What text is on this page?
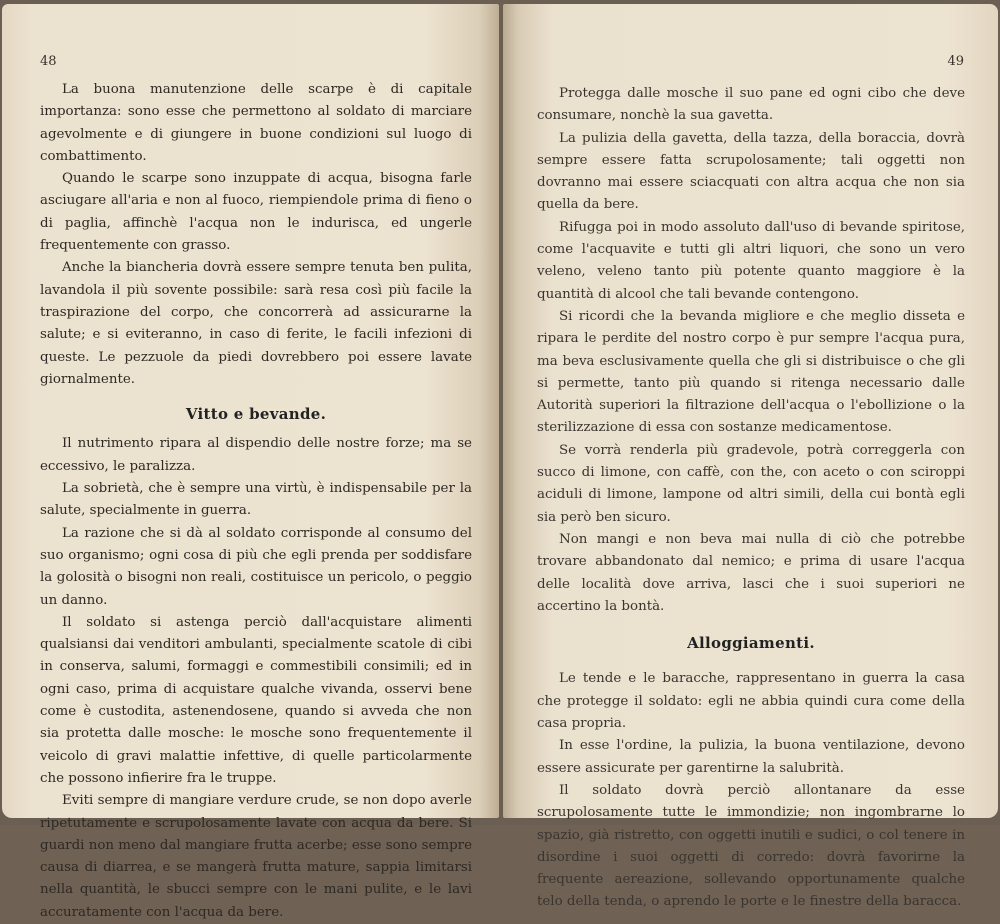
48

La buona manutenzione delle scarpe è di capitale importanza: sono esse che permettono al soldato di marciare agevolmente e di giungere in buone condizioni sul luogo di combattimento.

Quando le scarpe sono inzuppate di acqua, bisogna farle asciugare all'aria e non al fuoco, riempiendole prima di fieno o di paglia, affinchè l'acqua non le indurisca, ed ungerle frequentemente con grasso.

Anche la biancheria dovrà essere sempre tenuta ben pulita, lavandola il più sovente possibile: sarà resa così più facile la traspirazione del corpo, che concorrerà ad assicurarne la salute; e si eviteranno, in caso di ferite, le facili infezioni di queste. Le pezzuole da piedi dovrebbero poi essere lavate giornalmente.

Vitto e bevande.

Il nutrimento ripara al dispendio delle nostre forze; ma se eccessivo, le paralizza.

La sobrietà, che è sempre una virtù, è indispensabile per la salute, specialmente in guerra.

La razione che si dà al soldato corrisponde al consumo del suo organismo; ogni cosa di più che egli prenda per soddisfare la golosità o bisogni non reali, costituisce un pericolo, o peggio un danno.

Il soldato si astenga perciò dall'acquistare alimenti qualsiansi dai venditori ambulanti, specialmente scatole di cibi in conserva, salumi, formaggi e commestibili consimili; ed in ogni caso, prima di acquistare qualche vivanda, osservi bene come è custodita, astenendosene, quando si avveda che non sia protetta dalle mosche: le mosche sono frequentemente il veicolo di gravi malattie infettive, di quelle particolarmente che possono infierire fra le truppe.

Eviti sempre di mangiare verdure crude, se non dopo averle ripetutamente e scrupolosamente lavate con acqua da bere. Si guardi non meno dal mangiare frutta acerbe; esse sono sempre causa di diarrea, e se mangerà frutta mature, sappia limitarsi nella quantità, le sbucci sempre con le mani pulite, e le lavi accuratamente con l'acqua da bere.

49

Protegga dalle mosche il suo pane ed ogni cibo che deve consumare, nonchè la sua gavetta.

La pulizia della gavetta, della tazza, della boraccia, dovrà sempre essere fatta scrupolosamente; tali oggetti non dovranno mai essere sciacquati con altra acqua che non sia quella da bere.

Rifugga poi in modo assoluto dall'uso di bevande spiritose, come l'acquavite e tutti gli altri liquori, che sono un vero veleno, veleno tanto più potente quanto maggiore è la quantità di alcool che tali bevande contengono.

Si ricordi che la bevanda migliore e che meglio disseta e ripara le perdite del nostro corpo è pur sempre l'acqua pura, ma beva esclusivamente quella che gli si distribuisce o che gli si permette, tanto più quando si ritenga necessario dalle Autorità superiori la filtrazione dell'acqua o l'ebollizione o la sterilizzazione di essa con sostanze medicamentose.

Se vorrà renderla più gradevole, potrà correggerla con succo di limone, con caffè, con the, con aceto o con sciroppi aciduli di limone, lampone od altri simili, della cui bontà egli sia però ben sicuro.

Non mangi e non beva mai nulla di ciò che potrebbe trovare abbandonato dal nemico; e prima di usare l'acqua delle località dove arriva, lasci che i suoi superiori ne accertino la bontà.

Alloggiamenti.

Le tende e le baracche, rappresentano in guerra la casa che protegge il soldato: egli ne abbia quindi cura come della casa propria.

In esse l'ordine, la pulizia, la buona ventilazione, devono essere assicurate per garentirne la salubrità.

Il soldato dovrà perciò allontanare da esse scrupolosamente tutte le immondizie; non ingombrarne lo spazio, già ristretto, con oggetti inutili e sudici, o col tenere in disordine i suoi oggetti di corredo: dovrà favorirne la frequente aereazione, sollevando opportunamente qualche telo della tenda, o aprendo le porte e le finestre della baracca.
